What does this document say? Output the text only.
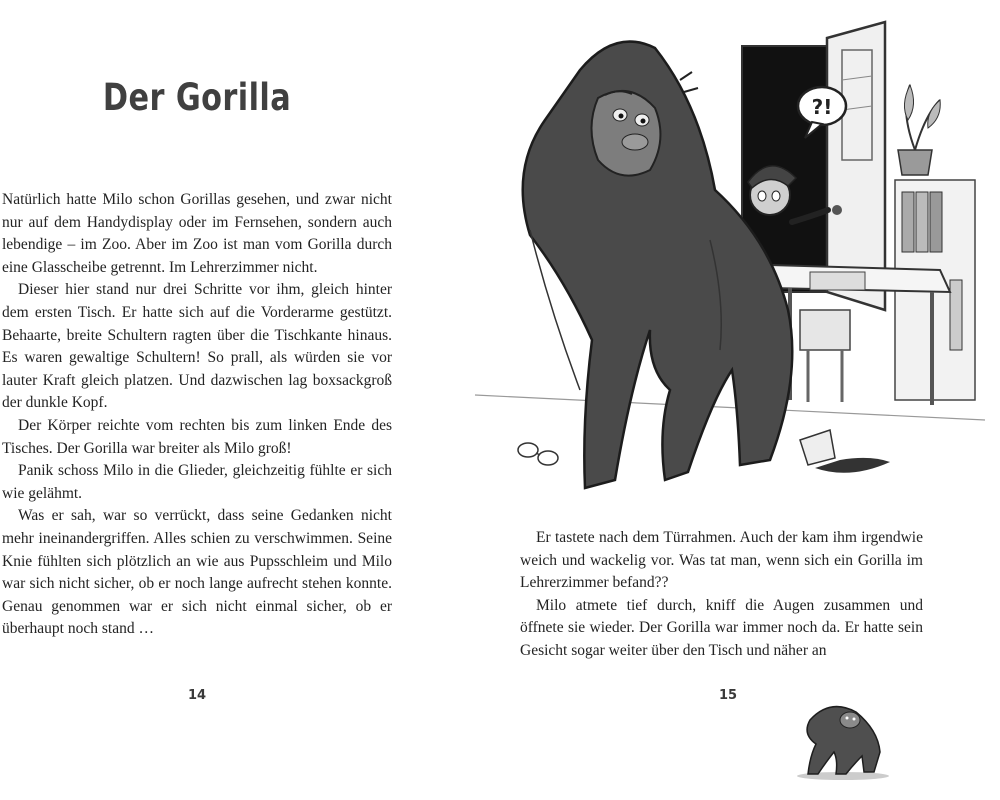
Der Gorilla

Natürlich hatte Milo schon Gorillas gesehen, und zwar nicht nur auf dem Handydisplay oder im Fernsehen, sondern auch lebendige – im Zoo. Aber im Zoo ist man vom Gorilla durch eine Glasscheibe getrennt. Im Lehrerzimmer nicht.

Dieser hier stand nur drei Schritte vor ihm, gleich hinter dem ersten Tisch. Er hatte sich auf die Vorderarme gestützt. Behaarte, breite Schultern ragten über die Tischkante hinaus. Es waren gewaltige Schultern! So prall, als würden sie vor lauter Kraft gleich platzen. Und dazwischen lag boxsackgroß der dunkle Kopf.

Der Körper reichte vom rechten bis zum linken Ende des Tisches. Der Gorilla war breiter als Milo groß!

Panik schoss Milo in die Glieder, gleichzeitig fühlte er sich wie gelähmt.

Was er sah, war so verrückt, dass seine Gedanken nicht mehr ineinandergriffen. Alles schien zu verschwimmen. Seine Knie fühlten sich plötzlich an wie aus Pupsschleim und Milo war sich nicht sicher, ob er noch lange aufrecht stehen konnte. Genau genommen war er sich nicht einmal sicher, ob er überhaupt noch stand …

14

Er tastete nach dem Türrahmen. Auch der kam ihm irgendwie weich und wackelig vor. Was tat man, wenn sich ein Gorilla im Lehrerzimmer befand??

Milo atmete tief durch, kniff die Augen zusammen und öffnete sie wieder. Der Gorilla war immer noch da. Er hatte sein Gesicht sogar weiter über den Tisch und näher an

15
?!
